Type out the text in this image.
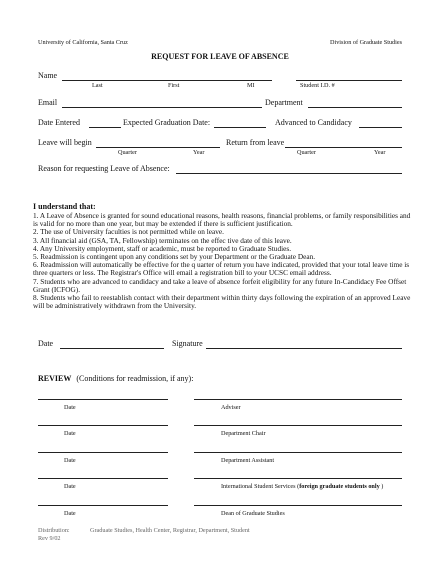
University of California, Santa Cruz	Division of Graduate Studies
REQUEST FOR LEAVE OF ABSENCE
Name
Last	First	MI	Student I.D. #
Email	Department
Date Entered	Expected Graduation Date:	Advanced to Candidacy
Leave will begin	Return from leave
Quarter	Year	Quarter	Year
Reason for requesting Leave of Absence:
I understand that:
1. A Leave of Absence is granted for sound educational reasons, health reasons, financial problems, or family responsibilities and is valid for no more than one year, but may be extended if there is sufficient justification.
2. The use of University faculties is not permitted while on leave.
3. All financial aid (GSA, TA, Fellowship) terminates on the effec tive date of this leave.
4. Any University employment, staff or academic, must be reported to Graduate Studies.
5. Readmission is contingent upon any conditions set by your Department or the Graduate Dean.
6. Readmission will automatically be effective for the q uarter of return you have indicated, provided that your total leave time is three quarters or less. The Registrar's Office will email a registration bill to your UCSC email address.
7. Students who are advanced to candidacy and take a leave of absence forfeit eligibility for any future In-Candidacy Fee Offset Grant (ICFOG).
8. Students who fail to reestablish contact with their department within thirty days following the expiration of an approved Leave will be administratively withdrawn from the University.
Date	Signature
REVIEW (Conditions for readmission, if any):
Date	Adviser
Date	Department Chair
Date	Department Assistant
Date	International Student Services (foreign graduate students only )
Date	Dean of Graduate Studies
Distribution:	Graduate Studies, Health Center, Registrar, Department, Student
Rev 9/02
